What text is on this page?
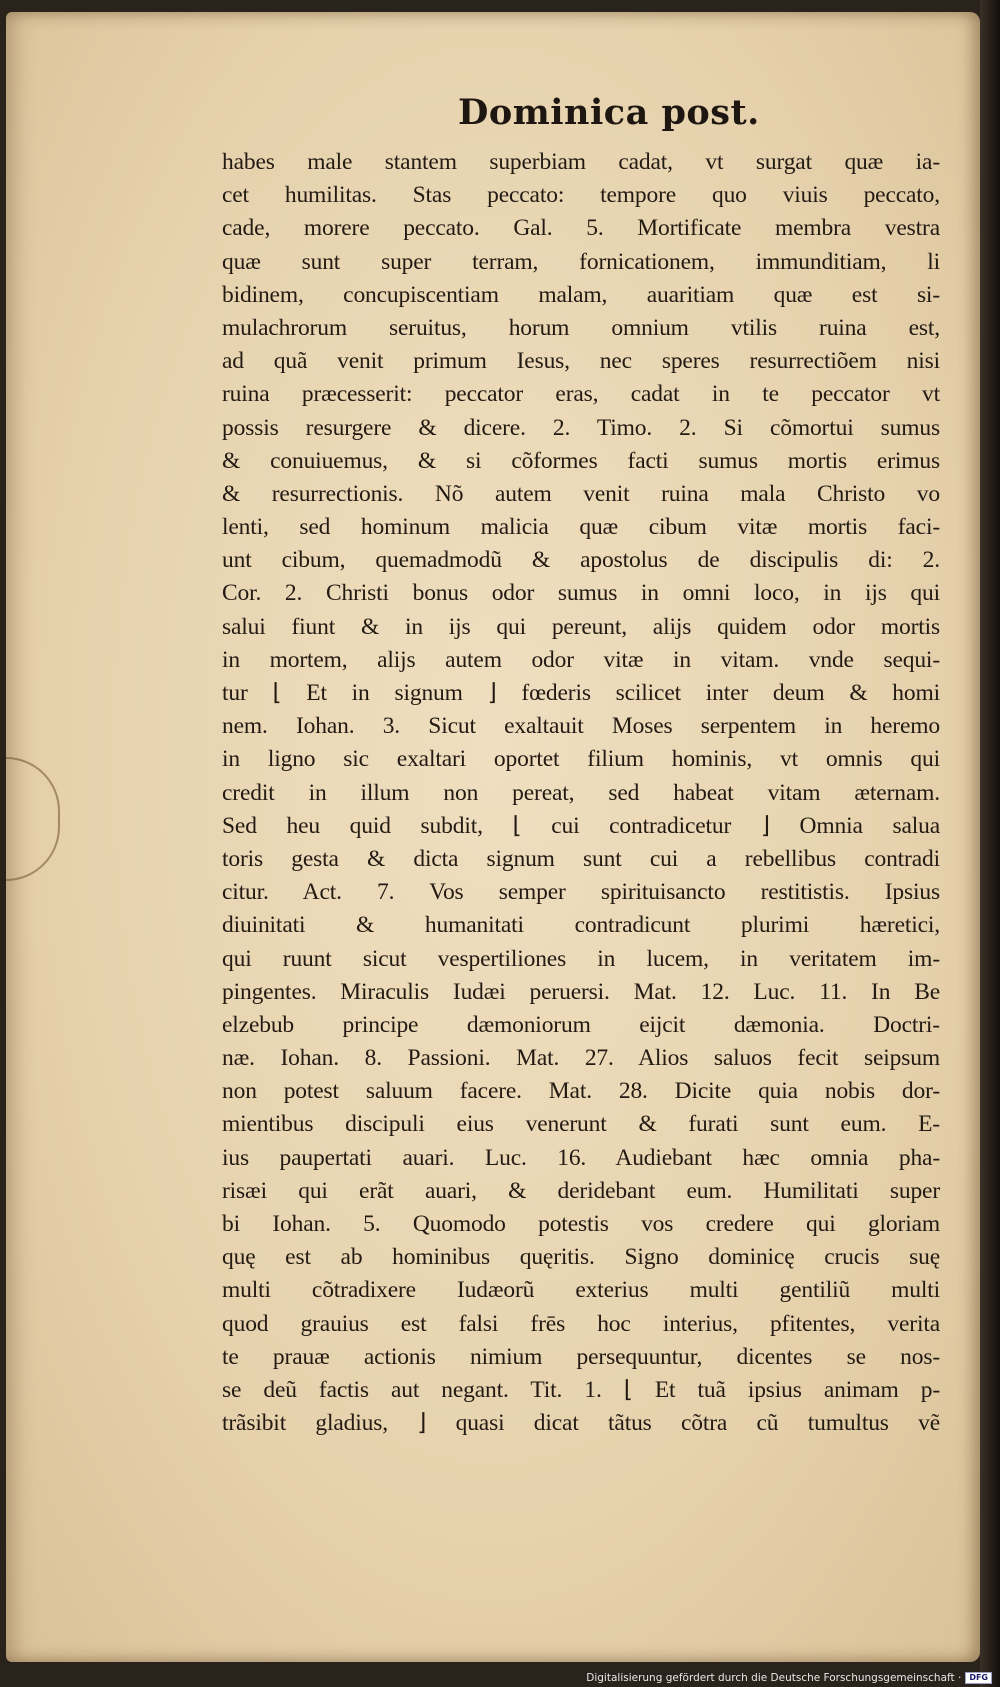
Dominica post.
habes male stantem superbiam cadat, vt surgat quæ ia-
cet humilitas. Stas peccato: tempore quo viuis peccato,
cade, morere peccato. Gal. 5. Mortificate membra vestra
quæ sunt super terram, fornicationem, immunditiam, li
bidinem, concupiscentiam malam, auaritiam quæ est si-
mulachrorum seruitus, horum omnium vtilis ruina est,
ad quã venit primum Iesus, nec speres resurrectiõem nisi
ruina præcesserit: peccator eras, cadat in te peccator vt
possis resurgere & dicere. 2. Timo. 2. Si cõmortui sumus
& conuiuemus, & si cõformes facti sumus mortis erimus
& resurrectionis. Nõ autem venit ruina mala Christo vo
lenti, sed hominum malicia quæ cibum vitæ mortis faci-
unt cibum, quemadmodũ & apostolus de discipulis di: 2.
Cor. 2. Christi bonus odor sumus in omni loco, in ijs qui
salui fiunt & in ijs qui pereunt, alijs quidem odor mortis
in mortem, alijs autem odor vitæ in vitam. vnde sequi-
tur ⌊ Et in signum ⌋ fœderis scilicet inter deum & homi
nem. Iohan. 3. Sicut exaltauit Moses serpentem in heremo
in ligno sic exaltari oportet filium hominis, vt omnis qui
credit in illum non pereat, sed habeat vitam æternam.
Sed heu quid subdit, ⌊ cui contradicetur ⌋ Omnia salua
toris gesta & dicta signum sunt cui a rebellibus contradi
citur. Act. 7. Vos semper spirituisancto restitistis. Ipsius
diuinitati & humanitati contradicunt plurimi hæretici,
qui ruunt sicut vespertiliones in lucem, in veritatem im-
pingentes. Miraculis Iudæi peruersi. Mat. 12. Luc. 11. In Be
elzebub principe dæmoniorum eijcit dæmonia. Doctri-
næ. Iohan. 8. Passioni. Mat. 27. Alios saluos fecit seipsum
non potest saluum facere. Mat. 28. Dicite quia nobis dor-
mientibus discipuli eius venerunt & furati sunt eum. E-
ius paupertati auari. Luc. 16. Audiebant hæc omnia pha-
risæi qui erãt auari, & deridebant eum. Humilitati super
bi Iohan. 5. Quomodo potestis vos credere qui gloriam
quę est ab hominibus quęritis. Signo dominicę crucis suę
multi cõtradixere Iudæorũ exterius multi gentiliũ multi
quod grauius est falsi frēs hoc interius, pfitentes, verita
te prauæ actionis nimium persequuntur, dicentes se nos-
se deũ factis aut negant. Tit. 1. ⌊ Et tuã ipsius animam p-
trãsibit gladius, ⌋ quasi dicat tãtus cõtra cũ tumultus vẽ
Digitalisierung gefördert durch die Deutsche Forschungsgemeinschaft ·	DFG
